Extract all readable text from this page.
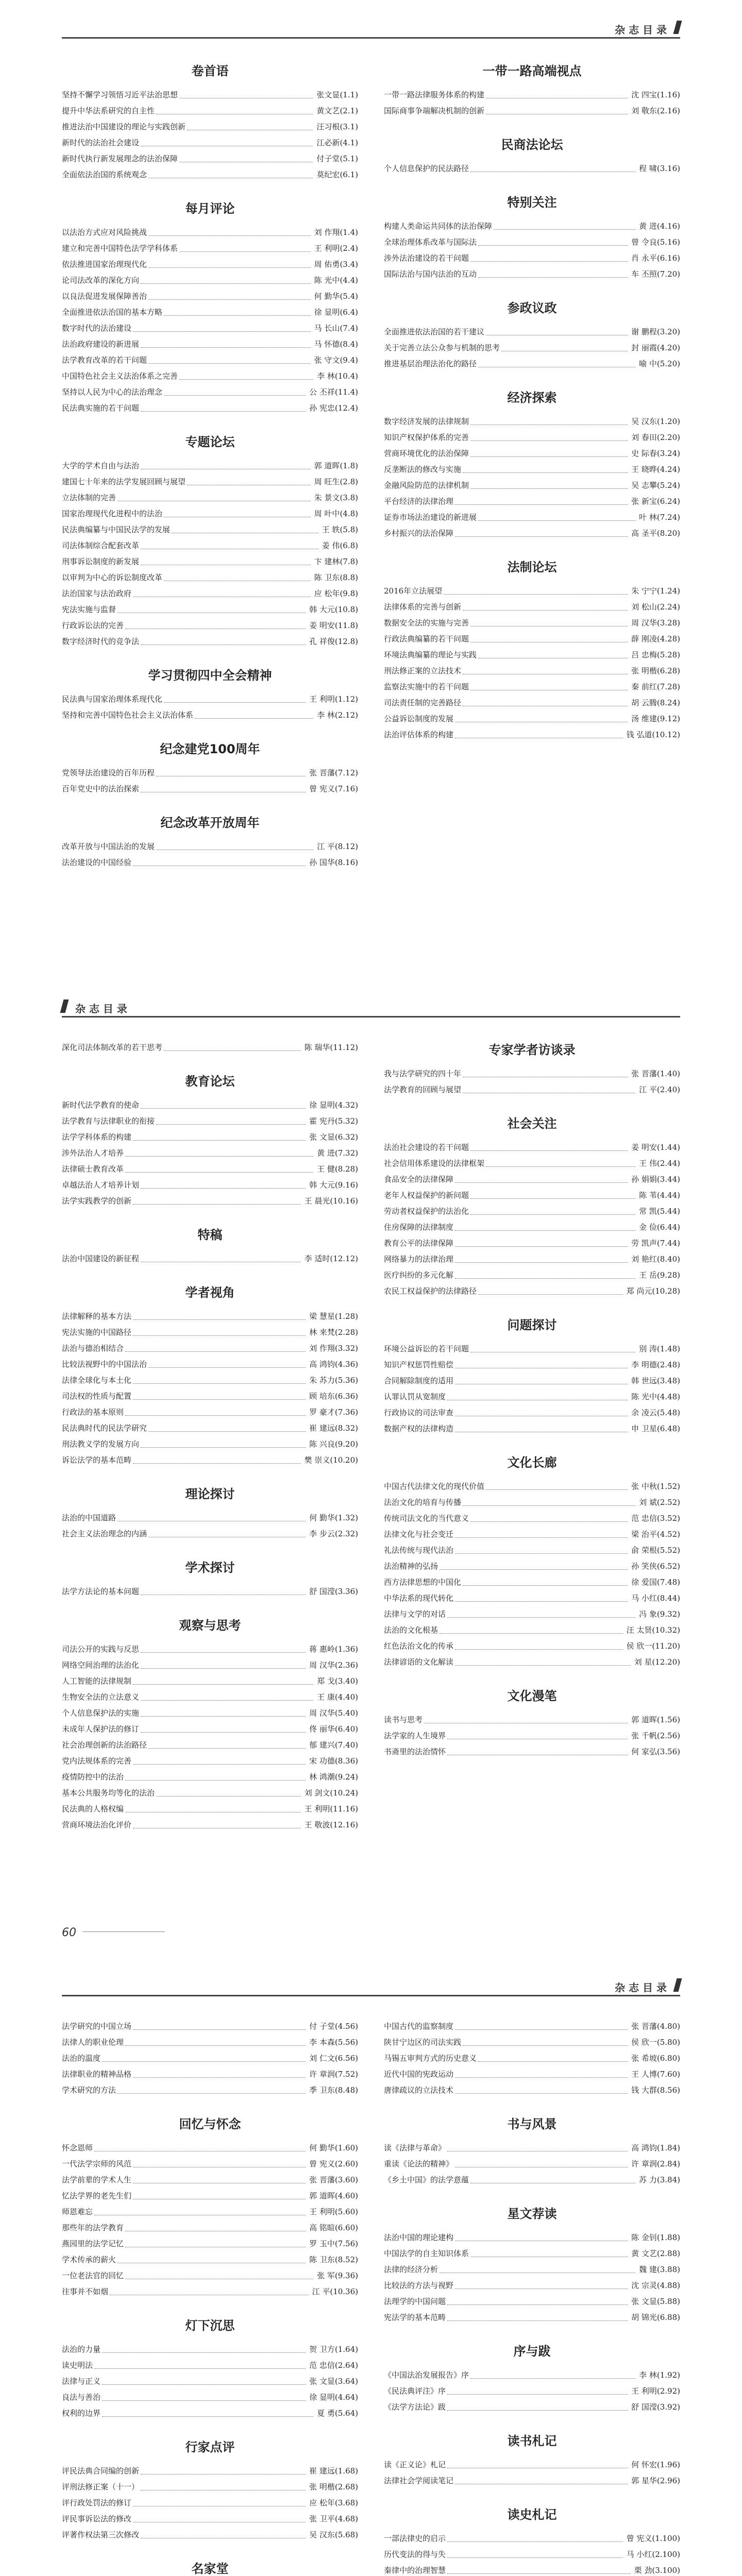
杂 志 目 录
卷首语
坚持不懈学习领悟习近平法治思想	张文显 (1.1)
提升中华法系研究的自主性	黄文艺 (2.1)
推进法治中国建设的理论与实践创新	汪习根 (3.1)
新时代的法治社会建设	江必新 (4.1)
新时代执行新发展理念的法治保障	付子堂 (5.1)
全面依法治国的系统观念	莫纪宏 (6.1)
每月评论
以法治方式应对风险挑战	刘 作翔 (1.4)
建立和完善中国特色法学学科体系	王 利明 (2.4)
依法推进国家治理现代化	周 佑勇 (3.4)
论司法改革的深化方向	陈 光中 (4.4)
以良法促进发展保障善治	何 勤华 (5.4)
全面推进依法治国的基本方略	徐 显明 (6.4)
数字时代的法治建设	马 长山 (7.4)
法治政府建设的新进展	马 怀德 (8.4)
法学教育改革的若干问题	张 守文 (9.4)
中国特色社会主义法治体系之完善	李 林 (10.4)
坚持以人民为中心的法治理念	公 丕祥 (11.4)
民法典实施的若干问题	孙 宪忠 (12.4)
专题论坛
大学的学术自由与法治	郭 道晖 (1.8)
建国七十年来的法学发展回顾与展望	周 旺生 (2.8)
立法体制的完善	朱 景文 (3.8)
国家治理现代化进程中的法治	周 叶中 (4.8)
民法典编纂与中国民法学的发展	王 轶 (5.8)
司法体制综合配套改革	姜 伟 (6.8)
刑事诉讼制度的新发展	卞 建林 (7.8)
以审判为中心的诉讼制度改革	陈 卫东 (8.8)
法治国家与法治政府	应 松年 (9.8)
宪法实施与监督	韩 大元 (10.8)
行政诉讼法的完善	姜 明安 (11.8)
数字经济时代的竞争法	孔 祥俊 (12.8)
学习贯彻四中全会精神
民法典与国家治理体系现代化	王 利明 (1.12)
坚持和完善中国特色社会主义法治体系	李 林 (2.12)
纪念建党100周年
党领导法治建设的百年历程	张 晋藩 (7.12)
百年党史中的法治探索	曾 宪义 (7.16)
纪念改革开放周年
改革开放与中国法治的发展	江 平 (8.12)
法治建设的中国经验	孙 国华 (8.16)
一带一路高端视点
一带一路法律服务体系的构建	沈 四宝 (1.16)
国际商事争端解决机制的创新	刘 敬东 (2.16)
民商法论坛
个人信息保护的民法路径	程 啸 (3.16)
特别关注
构建人类命运共同体的法治保障	黄 进 (4.16)
全球治理体系改革与国际法	曾 令良 (5.16)
涉外法治建设的若干问题	肖 永平 (6.16)
国际法治与国内法治的互动	车 丕照 (7.20)
参政议政
全面推进依法治国的若干建议	谢 鹏程 (3.20)
关于完善立法公众参与机制的思考	封 丽霞 (4.20)
推进基层治理法治化的路径	喻 中 (5.20)
经济探索
数字经济发展的法律规制	吴 汉东 (1.20)
知识产权保护体系的完善	刘 春田 (2.20)
营商环境优化的法治保障	史 际春 (3.24)
反垄断法的修改与实施	王 晓晔 (4.24)
金融风险防范的法律机制	吴 志攀 (5.24)
平台经济的法律治理	张 新宝 (6.24)
证券市场法治建设的新进展	叶 林 (7.24)
乡村振兴的法治保障	高 圣平 (8.20)
法制论坛
2016年立法展望	朱 宁宁 (1.24)
法律体系的完善与创新	刘 松山 (2.24)
数据安全法的实施与完善	周 汉华 (3.28)
行政法典编纂的若干问题	薛 刚凌 (4.28)
环境法典编纂的理论与实践	吕 忠梅 (5.28)
刑法修正案的立法技术	张 明楷 (6.28)
监察法实施中的若干问题	秦 前红 (7.28)
司法责任制的完善路径	胡 云腾 (8.24)
公益诉讼制度的发展	汤 维建 (9.12)
法治评估体系的构建	钱 弘道 (10.12)
杂 志 目 录
深化司法体制改革的若干思考	陈 瑞华 (11.12)
教育论坛
新时代法学教育的使命	徐 显明 (4.32)
法学教育与法律职业的衔接	霍 宪丹 (5.32)
法学学科体系的构建	张 文显 (6.32)
涉外法治人才培养	黄 进 (7.32)
法律硕士教育改革	王 健 (8.28)
卓越法治人才培养计划	韩 大元 (9.16)
法学实践教学的创新	王 晨光 (10.16)
特稿
法治中国建设的新征程	李 适时 (12.12)
学者视角
法律解释的基本方法	梁 慧星 (1.28)
宪法实施的中国路径	林 来梵 (2.28)
法治与德治相结合	刘 作翔 (3.32)
比较法视野中的中国法治	高 鸿钧 (4.36)
法律全球化与本土化	朱 苏力 (5.36)
司法权的性质与配置	顾 培东 (6.36)
行政法的基本原则	罗 豪才 (7.36)
民法典时代的民法学研究	崔 建远 (8.32)
刑法教义学的发展方向	陈 兴良 (9.20)
诉讼法学的基本范畴	樊 崇义 (10.20)
理论探讨
法治的中国道路	何 勤华 (1.32)
社会主义法治理念的内涵	李 步云 (2.32)
学术探讨
法学方法论的基本问题	舒 国滢 (3.36)
观察与思考
司法公开的实践与反思	蒋 惠岭 (1.36)
网络空间治理的法治化	周 汉华 (2.36)
人工智能的法律规制	郑 戈 (3.40)
生物安全法的立法意义	王 康 (4.40)
个人信息保护法的实施	周 汉华 (5.40)
未成年人保护法的修订	佟 丽华 (6.40)
社会治理创新的法治路径	郁 建兴 (7.40)
党内法规体系的完善	宋 功德 (8.36)
疫情防控中的法治	林 鸿潮 (9.24)
基本公共服务均等化的法治	刘 剑文 (10.24)
民法典的人格权编	王 利明 (11.16)
营商环境法治化评价	王 敬波 (12.16)
专家学者访谈录
我与法学研究的四十年	张 晋藩 (1.40)
法学教育的回顾与展望	江 平 (2.40)
社会关注
法治社会建设的若干问题	姜 明安 (1.44)
社会信用体系建设的法律框架	王 伟 (2.44)
食品安全的法律保障	孙 娟娟 (3.44)
老年人权益保护的新问题	陈 苇 (4.44)
劳动者权益保护的法治化	常 凯 (5.44)
住房保障的法律制度	金 俭 (6.44)
教育公平的法律保障	劳 凯声 (7.44)
网络暴力的法律治理	刘 艳红 (8.40)
医疗纠纷的多元化解	王 岳 (9.28)
农民工权益保护的法律路径	郑 尚元 (10.28)
问题探讨
环境公益诉讼的若干问题	别 涛 (1.48)
知识产权惩罚性赔偿	李 明德 (2.48)
合同解除制度的适用	韩 世远 (3.48)
认罪认罚从宽制度	陈 光中 (4.48)
行政协议的司法审查	余 凌云 (5.48)
数据产权的法律构造	申 卫星 (6.48)
文化长廊
中国古代法律文化的现代价值	张 中秋 (1.52)
法治文化的培育与传播	刘 斌 (2.52)
传统司法文化的当代意义	范 忠信 (3.52)
法律文化与社会变迁	梁 治平 (4.52)
礼法传统与现代法治	俞 荣根 (5.52)
法治精神的弘扬	孙 笑侠 (6.52)
西方法律思想的中国化	徐 爱国 (7.48)
中华法系的现代转化	马 小红 (8.44)
法律与文学的对话	冯 象 (9.32)
法治的文化根基	汪 太贤 (10.32)
红色法治文化的传承	侯 欣一 (11.20)
法律谚语的文化解读	刘 星 (12.20)
文化漫笔
读书与思考	郭 道晖 (1.56)
法学家的人生境界	张 千帆 (2.56)
书斋里的法治情怀	何 家弘 (3.56)
60
杂 志 目 录
法学研究的中国立场	付 子堂 (4.56)
法律人的职业伦理	李 本森 (5.56)
法治的温度	刘 仁文 (6.56)
法律职业的精神品格	许 章润 (7.52)
学术研究的方法	季 卫东 (8.48)
回忆与怀念
怀念恩师	何 勤华 (1.60)
一代法学宗师的风范	曾 宪义 (2.60)
法学前辈的学术人生	张 晋藩 (3.60)
忆法学界的老先生们	郭 道晖 (4.60)
师恩难忘	王 利明 (5.60)
那些年的法学教育	高 铭暄 (6.60)
燕园里的法学记忆	罗 玉中 (7.56)
学术传承的薪火	陈 卫东 (8.52)
一位老法官的回忆	张 军 (9.36)
往事并不如烟	江 平 (10.36)
灯下沉思
法治的力量	贺 卫方 (1.64)
读史明法	范 忠信 (2.64)
法律与正义	张 文显 (3.64)
良法与善治	徐 显明 (4.64)
权利的边界	夏 勇 (5.64)
行家点评
评民法典合同编的创新	崔 建远 (1.68)
评刑法修正案（十一）	张 明楷 (2.68)
评行政处罚法的修订	应 松年 (3.68)
评民事诉讼法的修改	张 卫平 (4.68)
评著作权法第三次修改	吴 汉东 (5.68)
名家堂
中国古代的监察制度	张 晋藩 (4.80)
陕甘宁边区的司法实践	侯 欣一 (5.80)
马锡五审判方式的历史意义	张 希坡 (6.80)
近代中国的宪政运动	王 人博 (7.60)
唐律疏议的立法技术	钱 大群 (8.56)
书与风景
读《法律与革命》	高 鸿钧 (1.84)
重读《论法的精神》	许 章润 (2.84)
《乡土中国》的法学意蕴	苏 力 (3.84)
星文荐读
法治中国的理论建构	陈 金钊 (1.88)
中国法学的自主知识体系	黄 文艺 (2.88)
法律的经济分析	魏 建 (3.88)
比较法的方法与视野	沈 宗灵 (4.88)
法理学的中国问题	张 文显 (5.88)
宪法学的基本范畴	胡 锦光 (6.88)
序与跋
《中国法治发展报告》序	李 林 (1.92)
《民法典评注》序	王 利明 (2.92)
《法学方法论》跋	舒 国滢 (3.92)
读书札记
读《正义论》札记	何 怀宏 (1.96)
法律社会学阅读笔记	郭 星华 (2.96)
读史札记
一部法律史的启示	曾 宪义 (1.100)
历代变法的得与失	马 小红 (2.100)
秦律中的治理智慧	栗 劲 (3.100)
